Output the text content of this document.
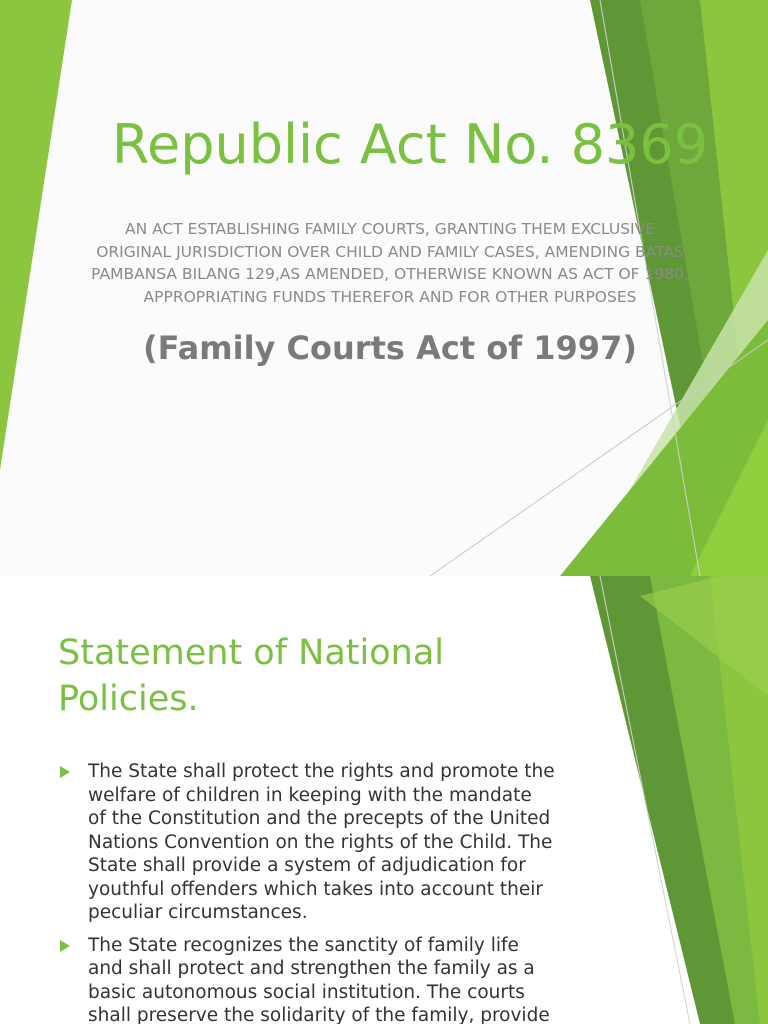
Republic Act No. 8369
AN ACT ESTABLISHING FAMILY COURTS, GRANTING THEM EXCLUSIVE
ORIGINAL JURISDICTION OVER CHILD AND FAMILY CASES, AMENDING BATAS
PAMBANSA BILANG 129,AS AMENDED, OTHERWISE KNOWN AS ACT OF 1980,
APPROPRIATING FUNDS THEREFOR AND FOR OTHER PURPOSES
(Family Courts Act of 1997)
Statement of National
Policies.
The State shall protect the rights and promote the
welfare of children in keeping with the mandate
of the Constitution and the precepts of the United
Nations Convention on the rights of the Child. The
State shall provide a system of adjudication for
youthful offenders which takes into account their
peculiar circumstances.
The State recognizes the sanctity of family life
and shall protect and strengthen the family as a
basic autonomous social institution. The courts
shall preserve the solidarity of the family, provide
